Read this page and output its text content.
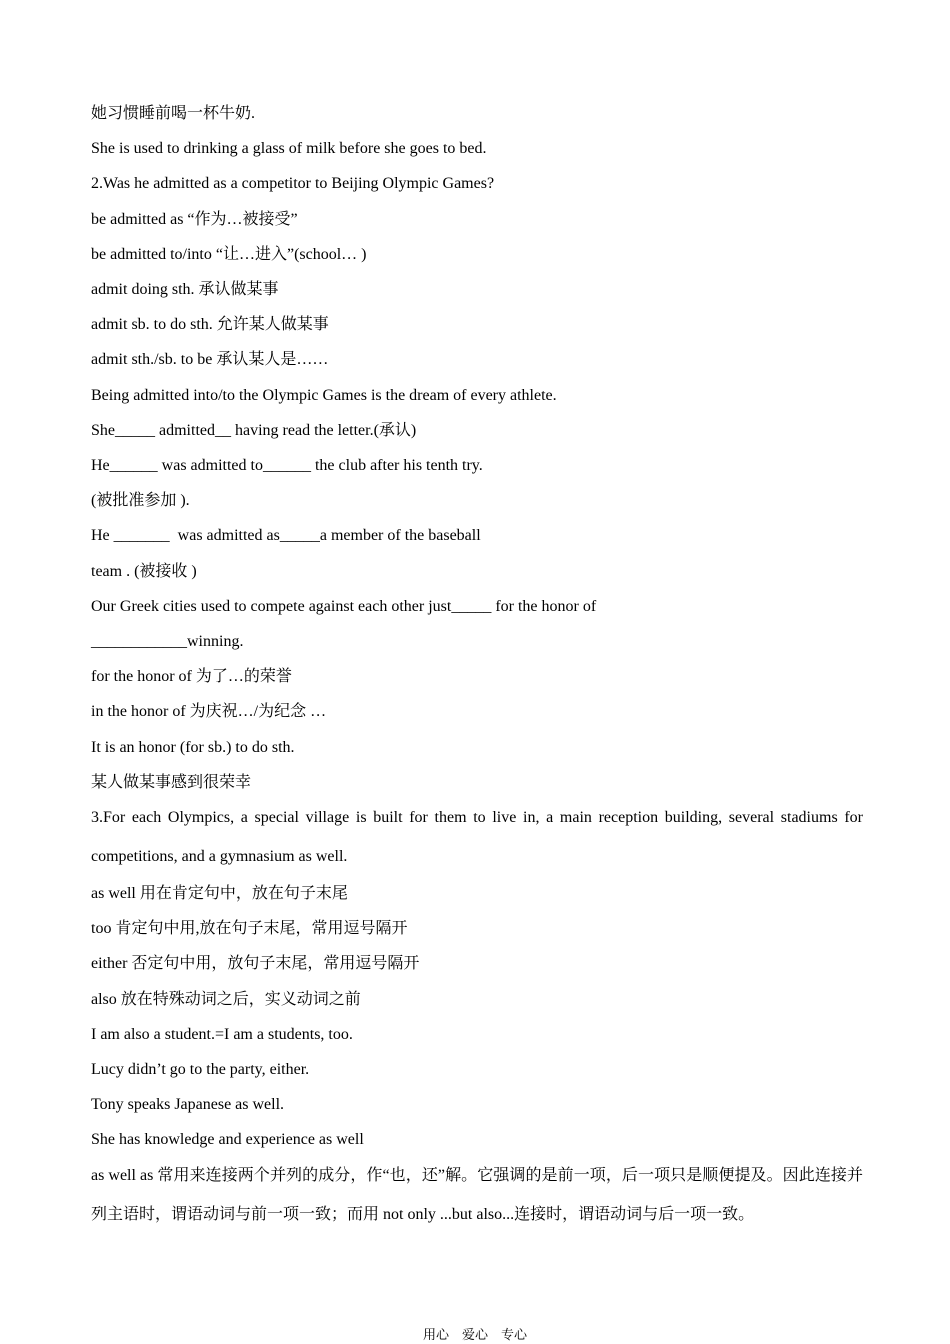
她习惯睡前喝一杯牛奶.
She is used to drinking a glass of milk before she goes to bed.
2.Was he admitted as a competitor to Beijing Olympic Games?
be admitted as “作为…被接受”
be admitted to/into “让…进入”(school… )
admit doing sth. 承认做某事
admit sb. to do sth. 允许某人做某事
admit sth./sb. to be 承认某人是……
Being admitted into/to the Olympic Games is the dream of every athlete.
She_____ admitted__ having read the letter.(承认)
He______ was admitted to______ the club after his tenth try.
(被批准参加 ).
He _______  was admitted as_____a member of the baseball
team . (被接收 )
Our Greek cities used to compete against each other just_____ for the honor of
____________winning.
for the honor of 为了…的荣誉
in the honor of 为庆祝…/为纪念 …
It is an honor (for sb.) to do sth.
某人做某事感到很荣幸
3.For each Olympics, a special village is built for them to live in, a main reception building, several stadiums for competitions, and a gymnasium as well.
as well 用在肯定句中，放在句子末尾
too 肯定句中用,放在句子末尾，常用逗号隔开
either 否定句中用，放句子末尾，常用逗号隔开
also 放在特殊动词之后，实义动词之前
I am also a student.=I am a students, too.
Lucy didn’t go to the party, either.
Tony speaks Japanese as well.
She has knowledge and experience as well
as well as 常用来连接两个并列的成分，作“也，还”解。它强调的是前一项，后一项只是顺便提及。因此连接并列主语时，谓语动词与前一项一致；而用 not only ...but also...连接时，谓语动词与后一项一致。
用心　爱心　专心
